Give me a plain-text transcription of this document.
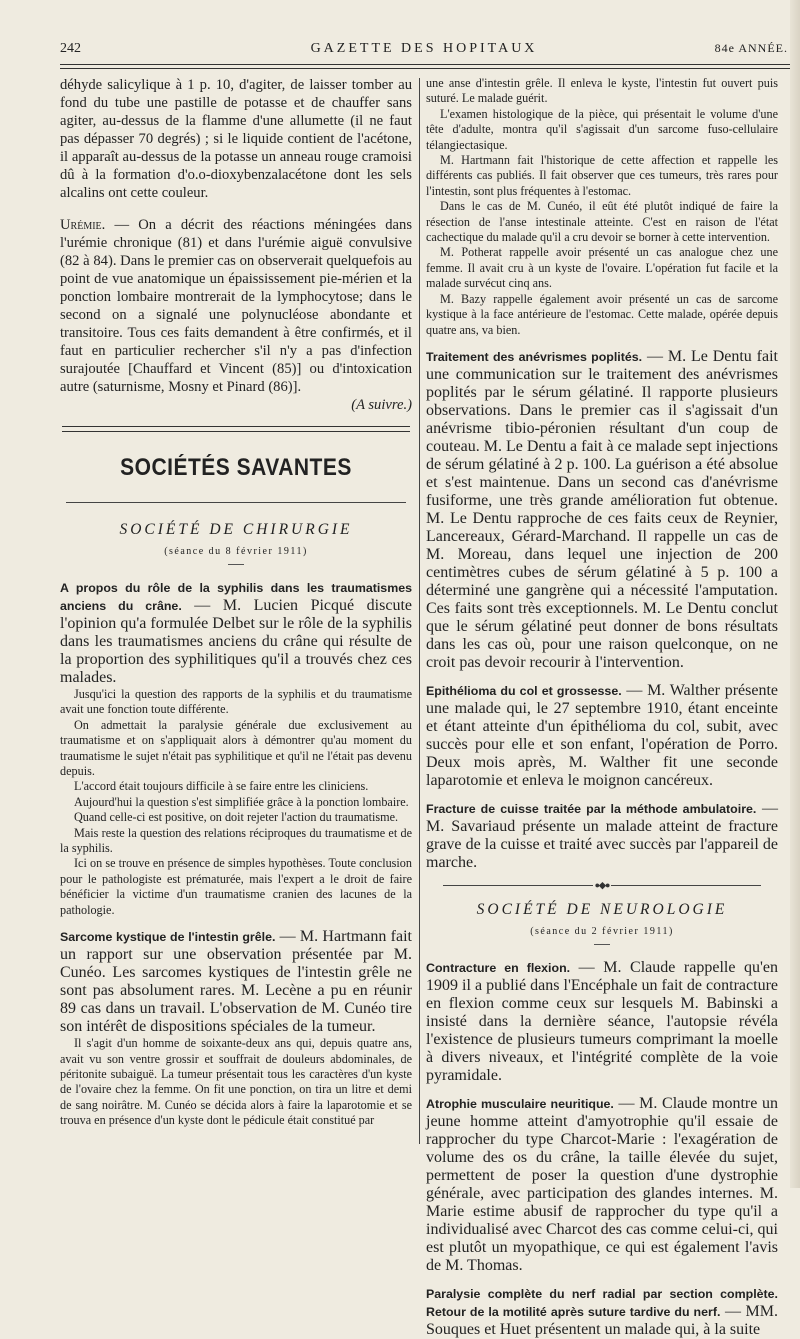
242	GAZETTE DES HOPITAUX	84e ANNÉE.

déhyde salicylique à 1 p. 10, d'agiter, de laisser tomber au fond du tube une pastille de potasse et de chauffer sans agiter, au-dessus de la flamme d'une allumette (il ne faut pas dépasser 70 degrés) ; si le liquide contient de l'acétone, il apparaît au-dessus de la potasse un anneau rouge cramoisi dû à la formation d'o.o-dioxybenzalacétone dont les sels alcalins ont cette couleur.

Urémie. — On a décrit des réactions méningées dans l'urémie chronique (81) et dans l'urémie aiguë convulsive (82 à 84). Dans le premier cas on observerait quelquefois au point de vue anatomique un épaississement pie-mérien et la ponction lombaire montrerait de la lymphocytose; dans le second on a signalé une polynucléose abondante et transitoire. Tous ces faits demandent à être confirmés, et il faut en particulier rechercher s'il n'y a pas d'infection surajoutée [Chauffard et Vincent (85)] ou d'intoxication autre (saturnisme, Mosny et Pinard (86)].

(A suivre.)

SOCIÉTÉS SAVANTES
SOCIÉTÉ DE CHIRURGIE
(séance du 8 février 1911)

A propos du rôle de la syphilis dans les traumatismes anciens du crâne. — M. Lucien Picqué discute l'opinion qu'a formulée Delbet sur le rôle de la syphilis dans les traumatismes anciens du crâne qui résulte de la proportion des syphilitiques qu'il a trouvés chez ces malades.

Jusqu'ici la question des rapports de la syphilis et du traumatisme avait une fonction toute différente.

On admettait la paralysie générale due exclusivement au traumatisme et on s'appliquait alors à démontrer qu'au moment du traumatisme le sujet n'était pas syphilitique et qu'il ne l'était pas devenu depuis.

L'accord était toujours difficile à se faire entre les cliniciens.

Aujourd'hui la question s'est simplifiée grâce à la ponction lombaire.

Quand celle-ci est positive, on doit rejeter l'action du traumatisme.

Mais reste la question des relations réciproques du traumatisme et de la syphilis.

Ici on se trouve en présence de simples hypothèses. Toute conclusion pour le pathologiste est prématurée, mais l'expert a le droit de faire bénéficier la victime d'un traumatisme cranien des lacunes de la pathologie.

Sarcome kystique de l'intestin grêle. — M. Hartmann fait un rapport sur une observation présentée par M. Cunéo. Les sarcomes kystiques de l'intestin grêle ne sont pas absolument rares. M. Lecène a pu en réunir 89 cas dans un travail. L'observation de M. Cunéo tire son intérêt de dispositions spéciales de la tumeur.

Il s'agit d'un homme de soixante-deux ans qui, depuis quatre ans, avait vu son ventre grossir et souffrait de douleurs abdominales, de péritonite subaiguë. La tumeur présentait tous les caractères d'un kyste de l'ovaire chez la femme. On fit une ponction, on tira un litre et demi de sang noirâtre. M. Cunéo se décida alors à faire la laparotomie et se trouva en présence d'un kyste dont le pédicule était constitué par

une anse d'intestin grêle. Il enleva le kyste, l'intestin fut ouvert puis suturé. Le malade guérit.

L'examen histologique de la pièce, qui présentait le volume d'une tête d'adulte, montra qu'il s'agissait d'un sarcome fuso-cellulaire télangiectasique.

M. Hartmann fait l'historique de cette affection et rappelle les différents cas publiés. Il fait observer que ces tumeurs, très rares pour l'intestin, sont plus fréquentes à l'estomac.

Dans le cas de M. Cunéo, il eût été plutôt indiqué de faire la résection de l'anse intestinale atteinte. C'est en raison de l'état cachectique du malade qu'il a cru devoir se borner à cette intervention.

M. Potherat rappelle avoir présenté un cas analogue chez une femme. Il avait cru à un kyste de l'ovaire. L'opération fut facile et la malade survécut cinq ans.

M. Bazy rappelle également avoir présenté un cas de sarcome kystique à la face antérieure de l'estomac. Cette malade, opérée depuis quatre ans, va bien.

Traitement des anévrismes poplités. — M. Le Dentu fait une communication sur le traitement des anévrismes poplités par le sérum gélatiné. Il rapporte plusieurs observations. Dans le premier cas il s'agissait d'un anévrisme tibio-péronien résultant d'un coup de couteau. M. Le Dentu a fait à ce malade sept injections de sérum gélatiné à 2 p. 100. La guérison a été absolue et s'est maintenue. Dans un second cas d'anévrisme fusiforme, une très grande amélioration fut obtenue. M. Le Dentu rapproche de ces faits ceux de Reynier, Lancereaux, Gérard-Marchand. Il rappelle un cas de M. Moreau, dans lequel une injection de 200 centimètres cubes de sérum gélatiné à 5 p. 100 a déterminé une gangrène qui a nécessité l'amputation. Ces faits sont très exceptionnels. M. Le Dentu conclut que le sérum gélatiné peut donner de bons résultats dans les cas où, pour une raison quelconque, on ne croit pas devoir recourir à l'intervention.

Epithélioma du col et grossesse. — M. Walther présente une malade qui, le 27 septembre 1910, étant enceinte et étant atteinte d'un épithélioma du col, subit, avec succès pour elle et son enfant, l'opération de Porro. Deux mois après, M. Walther fit une seconde laparotomie et enleva le moignon cancéreux.

Fracture de cuisse traitée par la méthode ambulatoire. — M. Savariaud présente un malade atteint de fracture grave de la cuisse et traité avec succès par l'appareil de marche.

●◆●
SOCIÉTÉ DE NEUROLOGIE
(séance du 2 février 1911)

Contracture en flexion. — M. Claude rappelle qu'en 1909 il a publié dans l'Encéphale un fait de contracture en flexion comme ceux sur lesquels M. Babinski a insisté dans la dernière séance, l'autopsie révéla l'existence de plusieurs tumeurs comprimant la moelle à divers niveaux, et l'intégrité complète de la voie pyramidale.

Atrophie musculaire neuritique. — M. Claude montre un jeune homme atteint d'amyotrophie qu'il essaie de rapprocher du type Charcot-Marie : l'exagération de volume des os du crâne, la taille élevée du sujet, permettent de poser la question d'une dystrophie générale, avec participation des glandes internes. M. Marie estime abusif de rapprocher du type qu'il a individualisé avec Charcot des cas comme celui-ci, qui est plutôt un myopathique, ce qui est également l'avis de M. Thomas.

Paralysie complète du nerf radial par section complète. Retour de la motilité après suture tardive du nerf. — MM. Souques et Huet présentent un malade qui, à la suite
